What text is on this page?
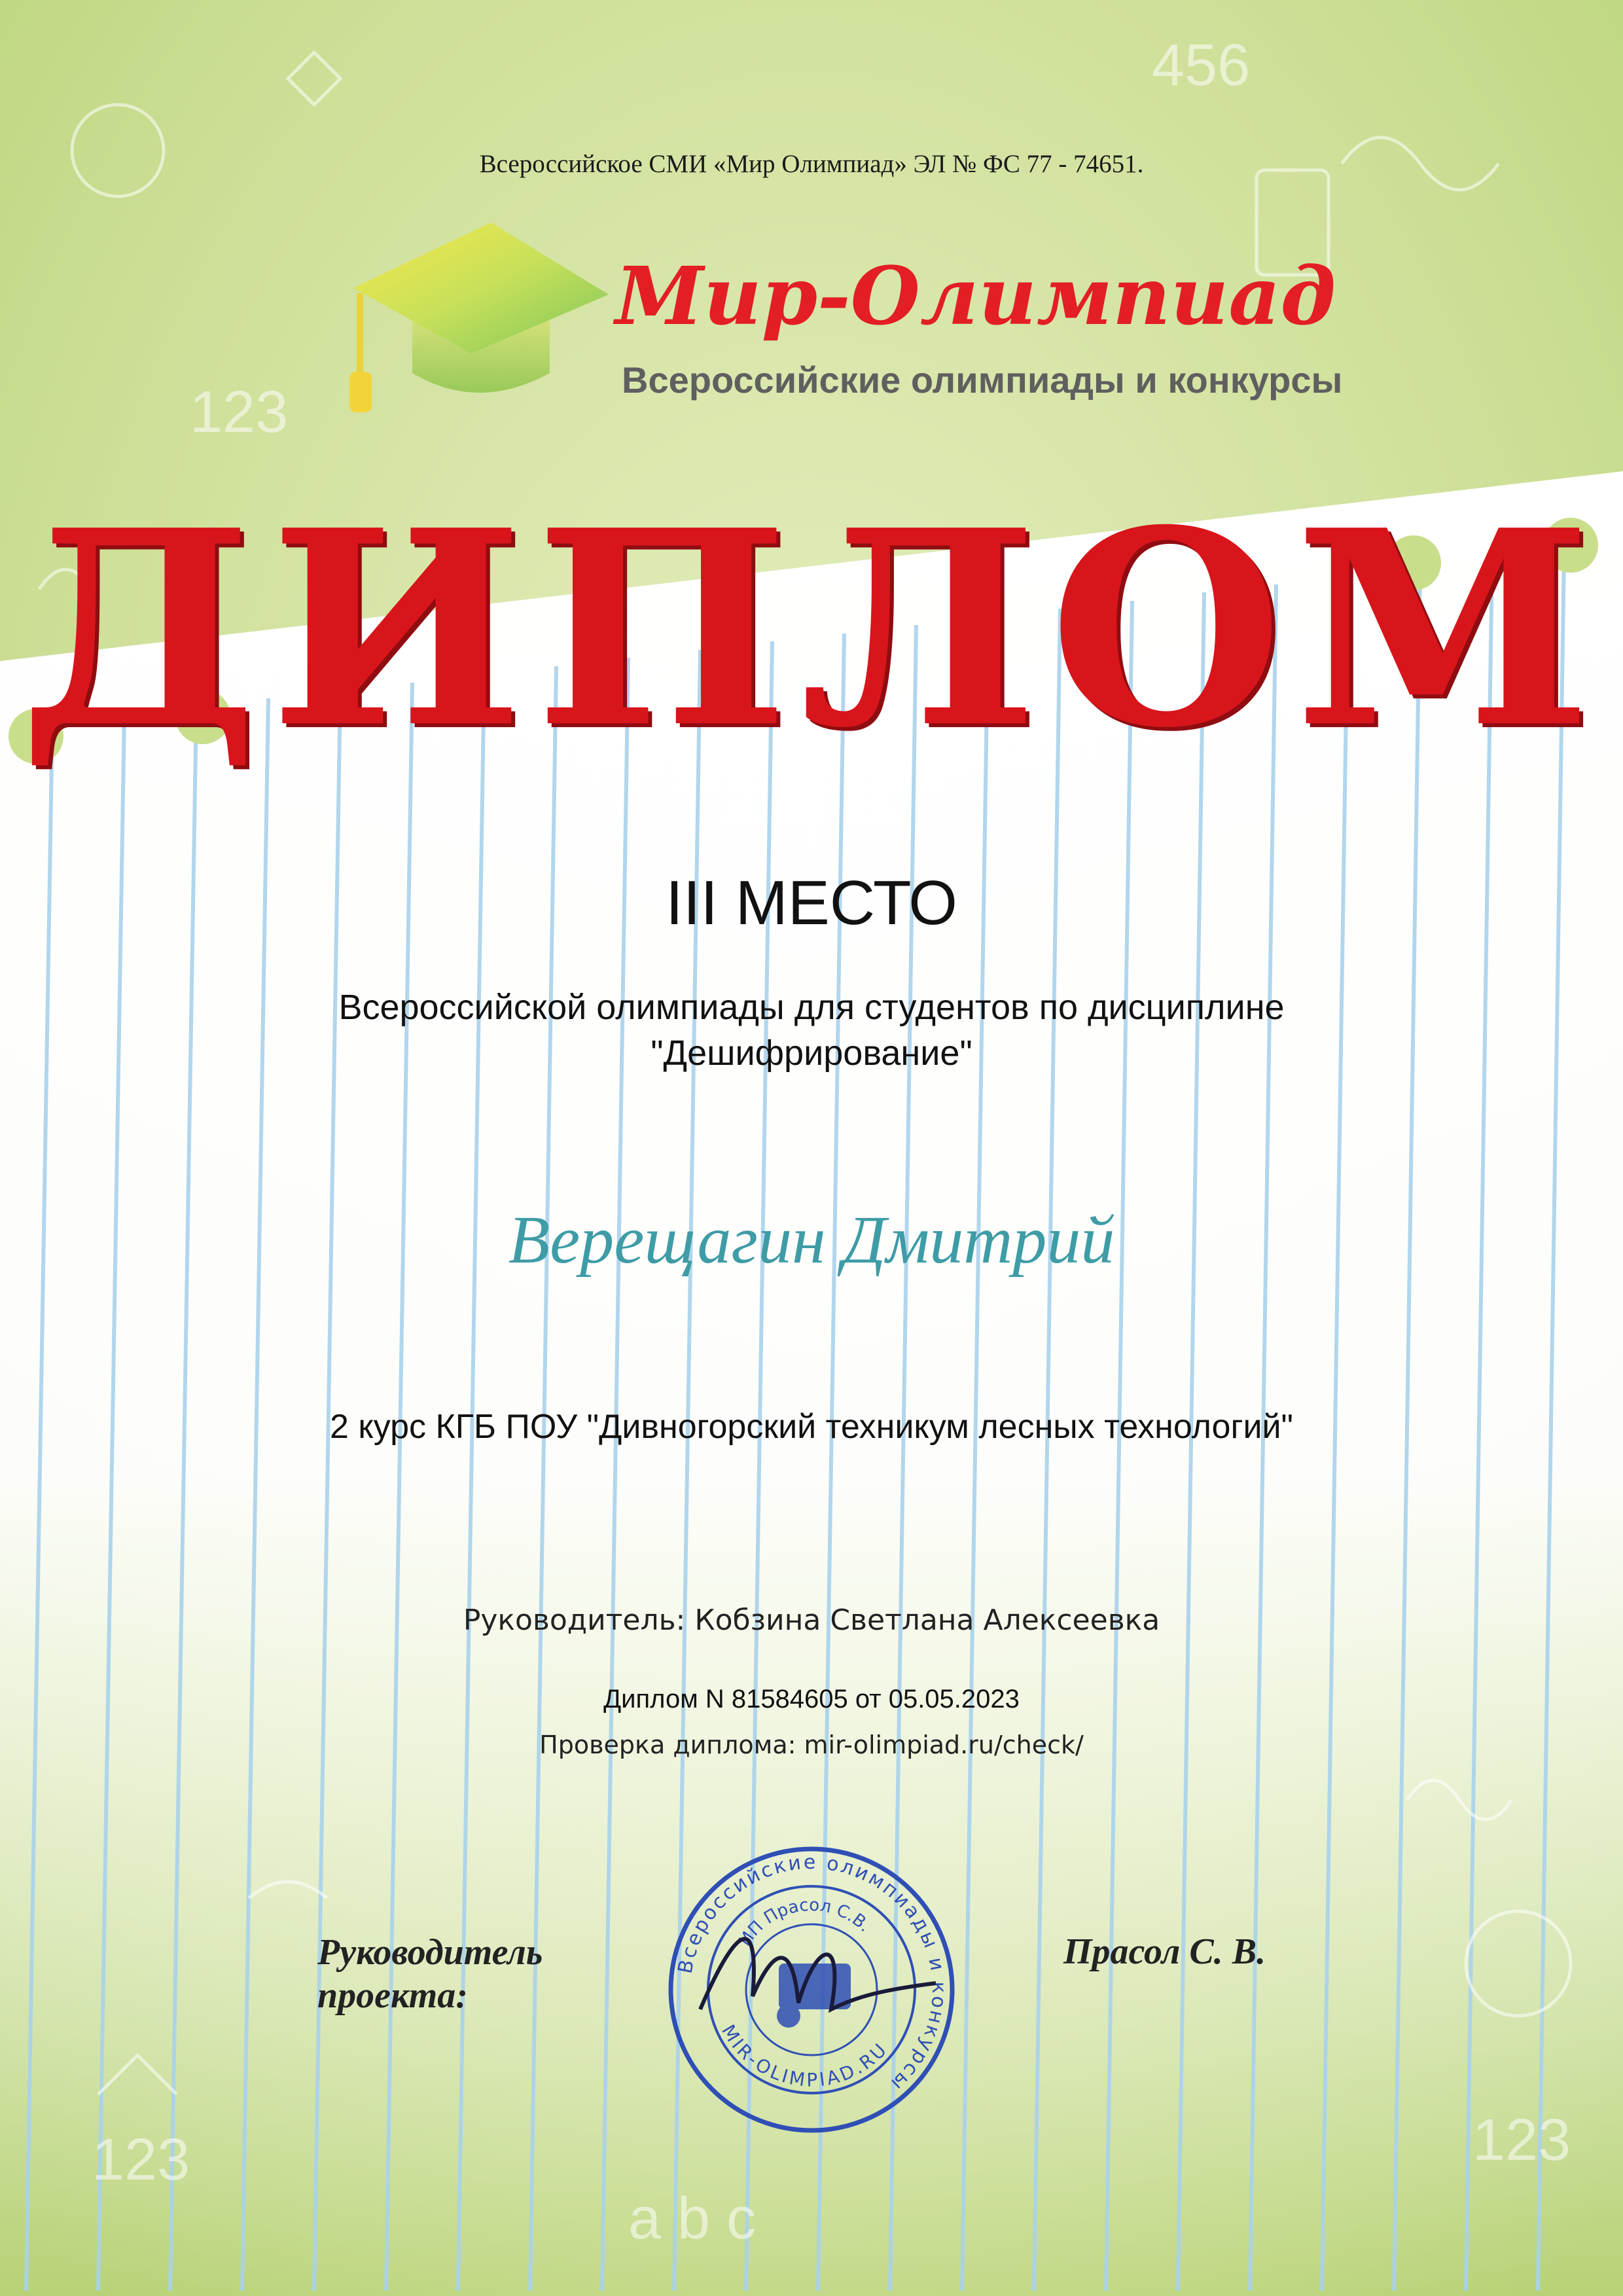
456
123
123	123
a b c
Всероссийское СМИ «Мир Олимпиад» ЭЛ № ФС 77 - 74651.
Мир-Олимпиад
Всероссийские олимпиады и конкурсы
ДИПЛОМ
III МЕСТО
Всероссийской олимпиады для студентов по дисциплине
"Дешифрирование"
Верещагин Дмитрий
2 курс КГБ ПОУ "Дивногорский техникум лесных технологий"
Руководитель: Кобзина Светлана Алексеевка
Диплом N 81584605 от 05.05.2023
Проверка диплома: mir-olimpiad.ru/check/
Руководитель
проекта:
Прасол С. В.
Всероссийские олимпиады и конкурсы
ИП Прасол С.В.
MIR-OLIMPIAD.RU
